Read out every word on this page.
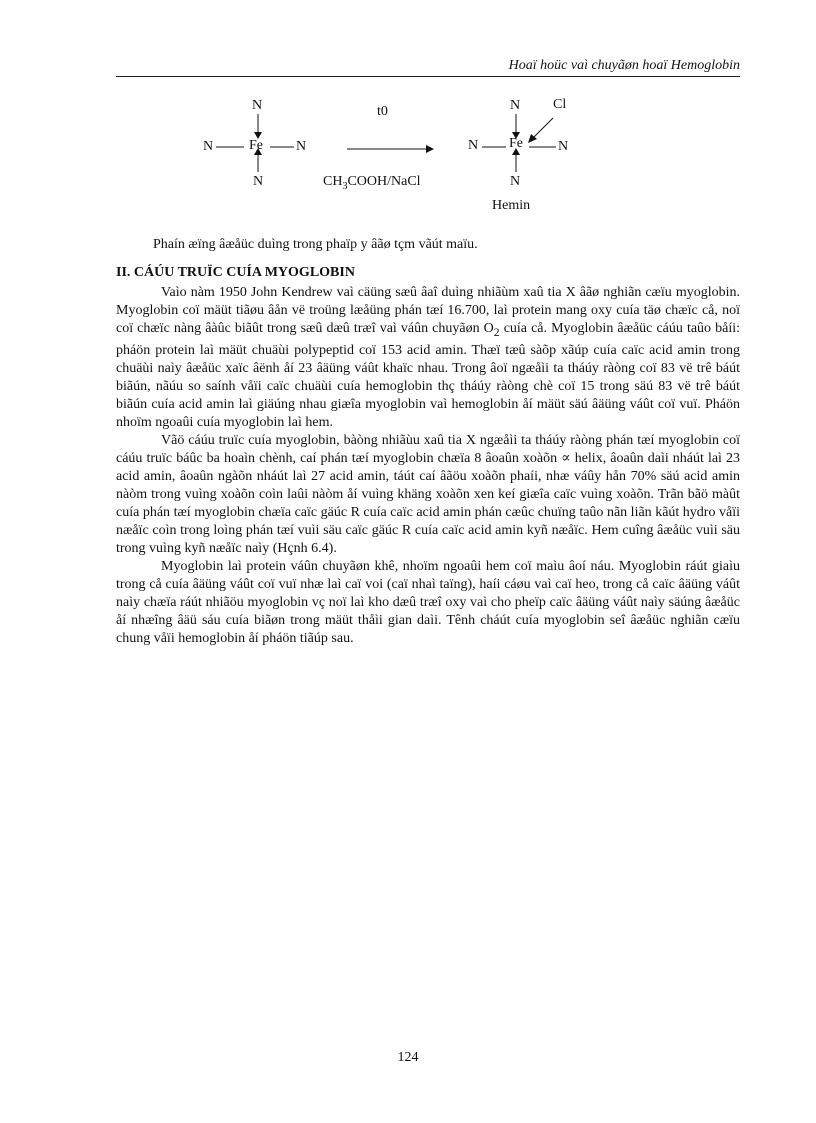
Hoaï hoüc vaì chuyãøn hoaï Hemoglobin
N
N	Fe N
N
t0
$CH_3COOH$/NaCl
N Cl
N Fe	N
N
Hemin
Phaín æïng âæåüc duìng trong phaïp y âãø tçm vãút maïu.
II. CÁÚU TRUÏC CUÍA MYOGLOBIN

Vaìo nàm 1950 John Kendrew vaì cäüng sæû âaî duìng nhiãùm xaû tia X âãø nghiãn cæïu myoglobin. Myoglobin coï mäüt tiãøu âån vë troüng læåüng phán tæí 16.700, laì protein mang oxy cuía täø chæïc cå, noï coï chæïc nàng âàûc biãût trong sæû dæû træî vaì váûn chuyãøn $O_2$ cuía cå. Myoglobin âæåüc cáúu taûo båíi: pháön protein laì mäüt chuäùi polypeptid coï 153 acid amin. Thæï tæû sàõp xãúp cuía caïc acid amin trong chuäùi naìy âæåüc xaïc âënh åí 23 âäüng váût khaïc nhau. Trong âoï ngæåìi ta tháúy ràòng coï 83 vë trê báút biãún, nãúu so saính våïi caïc chuäùi cuía hemoglobin thç tháúy ràòng chè coï 15 trong säú 83 vë trê báút biãún cuía acid amin laì giäúng nhau giæîa myoglobin vaì hemoglobin åí mäüt säú âäüng váût coï vuï. Pháön nhoïm ngoaûi cuía myoglobin laì hem.

Vãö cáúu truïc cuía myoglobin, bàòng nhiãùu xaû tia X ngæåìi ta tháúy ràòng phán tæí myoglobin coï cáúu truïc báûc ba hoaìn chènh, caí phán tæí myoglobin chæïa 8 âoaûn xoàõn ∝ helix, âoaûn daìi nháút laì 23 acid amin, âoaûn ngàõn nháút laì 27 acid amin, táút caí âãöu xoàõn phaíi, nhæ váûy hån 70% säú acid amin nàòm trong vuìng xoàõn coìn laûi nàòm åí vuìng khäng xoàõn xen keí giæîa caïc vuìng xoàõn. Trãn bãö màût cuía phán tæí myoglobin chæïa caïc gäúc R cuía caïc acid amin phán cæûc chuïng taûo nãn liãn kãút hydro våïi næåïc coìn trong loìng phán tæí vuìi säu caïc gäúc R cuía caïc acid amin kyñ næåïc. Hem cuîng âæåüc vuìi säu trong vuìng kyñ næåïc naìy (Hçnh 6.4).

Myoglobin laì protein váûn chuyãøn khê, nhoïm ngoaûi hem coï maìu âoí náu. Myoglobin ráút giaìu trong cå cuía âäüng váût coï vuï nhæ laì caï voi (caï nhaì taïng), haíi cáøu vaì caï heo, trong cå caïc âäüng váût naìy chæïa ráút nhiãöu myoglobin vç noï laì kho dæû træî oxy vaì cho pheïp caïc âäüng váût naìy säúng âæåüc åí nhæîng âäü sáu cuía biãøn trong mäüt thåìi gian daìi. Tênh cháút cuía myoglobin seî âæåüc nghiãn cæïu chung våïi hemoglobin åí pháön tiãúp sau.

124
